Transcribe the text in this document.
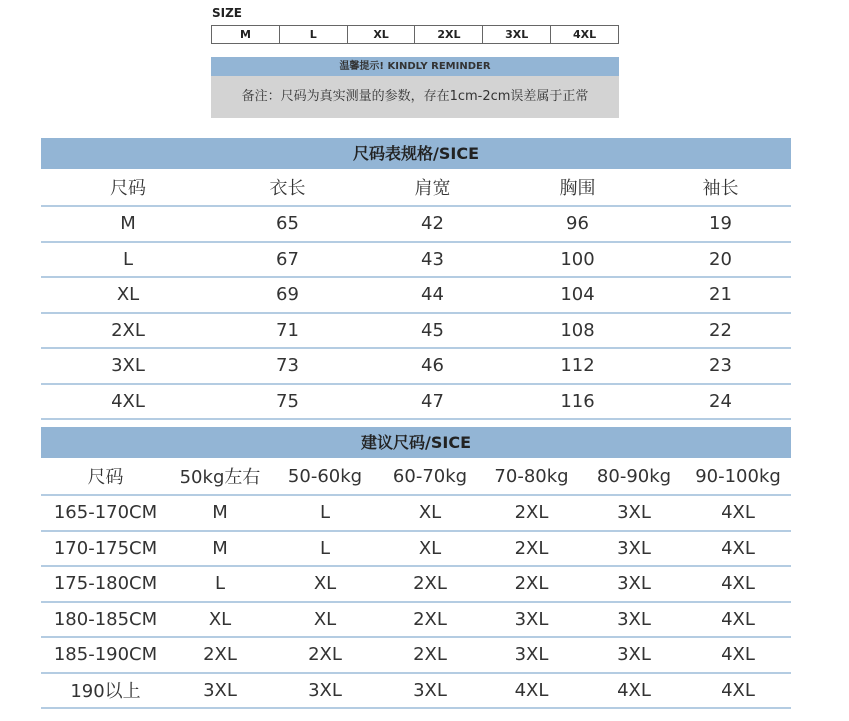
SIZE
M	L	XL	2XL	3XL	4XL
温馨提示! KINDLY REMINDER
备注：尺码为真实测量的参数，存在1cm-2cm误差属于正常
尺码表规格/SICE
尺码	衣长	肩宽	胸围	袖长
M	65	42	96	19
L	67	43	100	20
XL	69	44	104	21
2XL	71	45	108	22
3XL	73	46	112	23
4XL	75	47	116	24
建议尺码/SICE
尺码	50kg左右	50-60kg	60-70kg	70-80kg	80-90kg	90-100kg
165-170CM	M	L	XL	2XL	3XL	4XL
170-175CM	M	L	XL	2XL	3XL	4XL
175-180CM	L	XL	2XL	2XL	3XL	4XL
180-185CM	XL	XL	2XL	3XL	3XL	4XL
185-190CM	2XL	2XL	2XL	3XL	3XL	4XL
190以上	3XL	3XL	3XL	4XL	4XL	4XL
